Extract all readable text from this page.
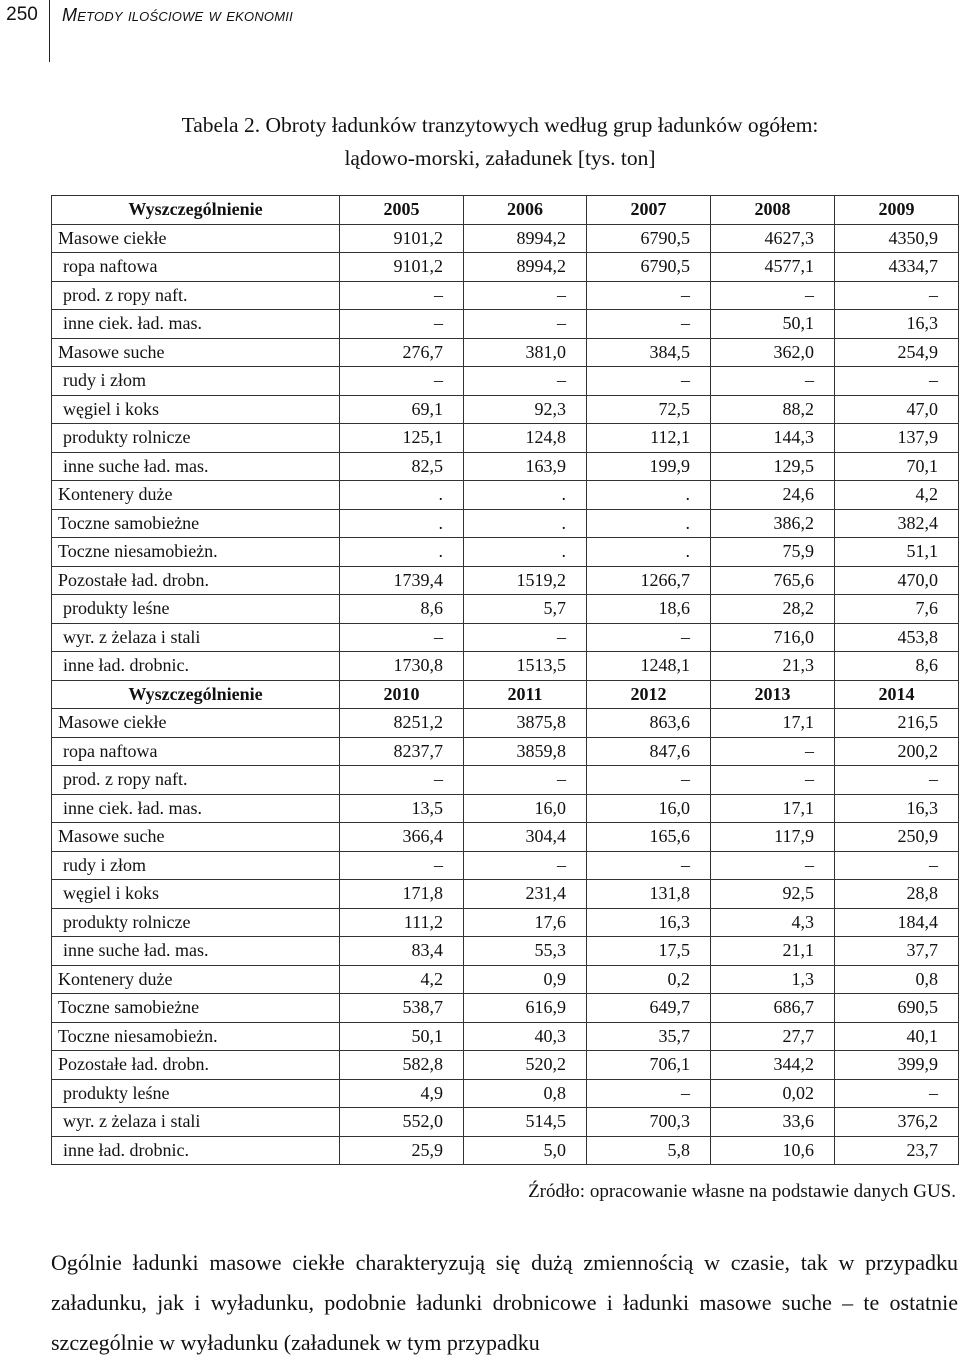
250	Metody ilościowe w ekonomii
Tabela 2. Obroty ładunków tranzytowych według grup ładunków ogółem:
lądowo-morski, załadunek [tys. ton]
Wyszczególnienie	2005	2006	2007	2008	2009
Masowe ciekłe	9101,2	8994,2	6790,5	4627,3	4350,9
ropa naftowa	9101,2	8994,2	6790,5	4577,1	4334,7
prod. z ropy naft.	–	–	–	–	–
inne ciek. ład. mas.	–	–	–	50,1	16,3
Masowe suche	276,7	381,0	384,5	362,0	254,9
rudy i złom	–	–	–	–	–
węgiel i koks	69,1	92,3	72,5	88,2	47,0
produkty rolnicze	125,1	124,8	112,1	144,3	137,9
inne suche ład. mas.	82,5	163,9	199,9	129,5	70,1
Kontenery duże	.	.	.	24,6	4,2
Toczne samobieżne	.	.	.	386,2	382,4
Toczne niesamobieżn.	.	.	.	75,9	51,1
Pozostałe ład. drobn.	1739,4	1519,2	1266,7	765,6	470,0
produkty leśne	8,6	5,7	18,6	28,2	7,6
wyr. z żelaza i stali	–	–	–	716,0	453,8
inne ład. drobnic.	1730,8	1513,5	1248,1	21,3	8,6
Wyszczególnienie	2010	2011	2012	2013	2014
Masowe ciekłe	8251,2	3875,8	863,6	17,1	216,5
ropa naftowa	8237,7	3859,8	847,6	–	200,2
prod. z ropy naft.	–	–	–	–	–
inne ciek. ład. mas.	13,5	16,0	16,0	17,1	16,3
Masowe suche	366,4	304,4	165,6	117,9	250,9
rudy i złom	–	–	–	–	–
węgiel i koks	171,8	231,4	131,8	92,5	28,8
produkty rolnicze	111,2	17,6	16,3	4,3	184,4
inne suche ład. mas.	83,4	55,3	17,5	21,1	37,7
Kontenery duże	4,2	0,9	0,2	1,3	0,8
Toczne samobieżne	538,7	616,9	649,7	686,7	690,5
Toczne niesamobieżn.	50,1	40,3	35,7	27,7	40,1
Pozostałe ład. drobn.	582,8	520,2	706,1	344,2	399,9
produkty leśne	4,9	0,8	–	0,02	–
wyr. z żelaza i stali	552,0	514,5	700,3	33,6	376,2
inne ład. drobnic.	25,9	5,0	5,8	10,6	23,7
Źródło: opracowanie własne na podstawie danych GUS.
Ogólnie ładunki masowe ciekłe charakteryzują się dużą zmiennością w czasie, tak w przypadku załadunku, jak i wyładunku, podobnie ładunki drobnicowe i ładunki masowe suche – te ostatnie szczególnie w wyładunku (załadunek w tym przypadku
